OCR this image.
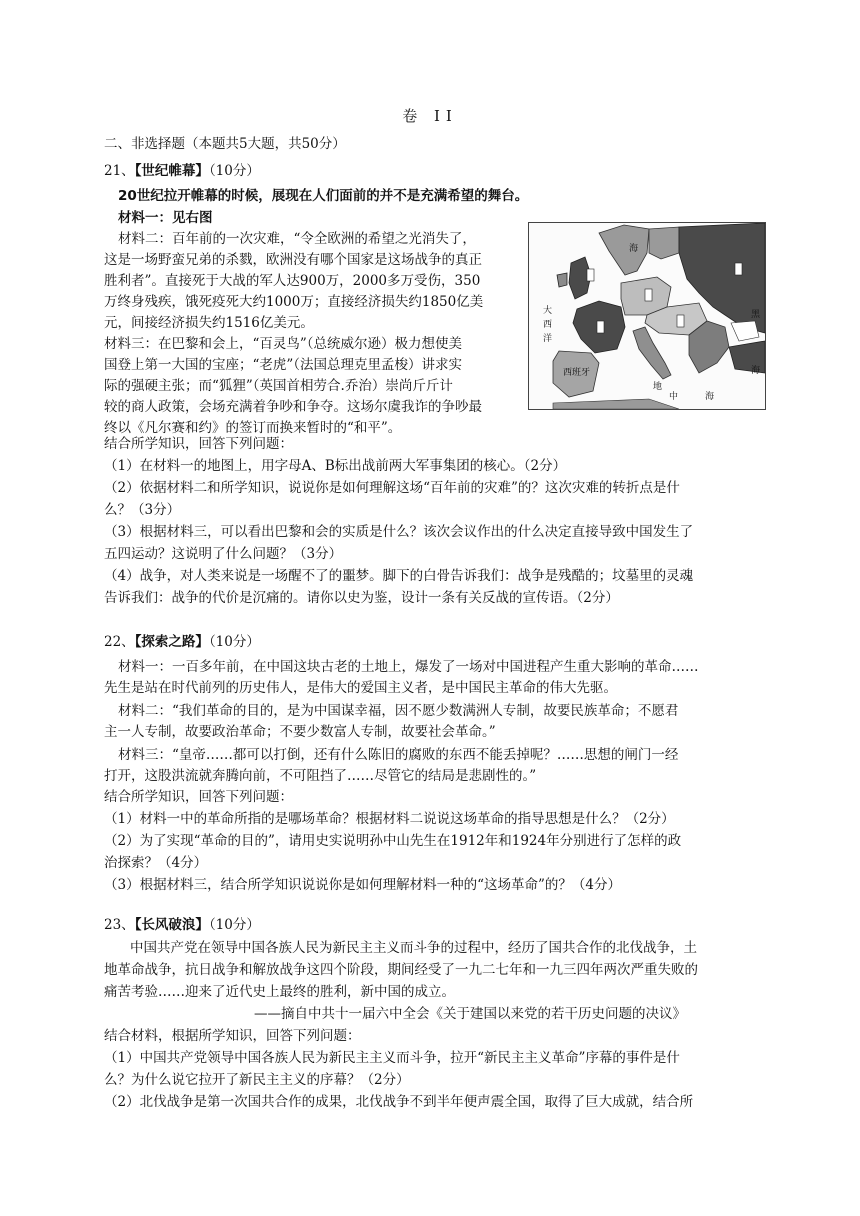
卷 II
二、非选择题（本题共5大题，共50分）
21、【世纪帷幕】（10分）
20世纪拉开帷幕的时候，展现在人们面前的并不是充满希望的舞台。
材料一：见右图
材料二：百年前的一次灾难，“令全欧洲的希望之光消失了，
这是一场野蛮兄弟的杀戮，欧洲没有哪个国家是这场战争的真正
胜利者”。直接死于大战的军人达900万，2000多万受伤，350
万终身残疾，饿死疫死大约1000万；直接经济损失约1850亿美
元，间接经济损失约1516亿美元。
材料三：在巴黎和会上，“百灵鸟”（总统威尔逊）极力想使美
国登上第一大国的宝座；“老虎”（法国总理克里孟梭）讲求实
际的强硬主张；而“狐狸”（英国首相劳合.乔治）崇尚斤斤计
较的商人政策，会场充满着争吵和争夺。这场尔虞我诈的争吵最
终以《凡尔赛和约》的签订而换来暂时的“和平”。
大
西
洋
海
黑
海
西班牙
地
中	海
结合所学知识，回答下列问题：
（1）在材料一的地图上，用字母A、B标出战前两大军事集团的核心。（2分）
（2）依据材料二和所学知识，说说你是如何理解这场“百年前的灾难”的？这次灾难的转折点是什
么？（3分）
（3）根据材料三，可以看出巴黎和会的实质是什么？该次会议作出的什么决定直接导致中国发生了
五四运动？这说明了什么问题？（3分）
（4）战争，对人类来说是一场醒不了的噩梦。脚下的白骨告诉我们：战争是残酷的；坟墓里的灵魂
告诉我们：战争的代价是沉痛的。请你以史为鉴，设计一条有关反战的宣传语。（2分）
22、【探索之路】（10分）
材料一：一百多年前，在中国这块古老的土地上，爆发了一场对中国进程产生重大影响的革命……
先生是站在时代前列的历史伟人，是伟大的爱国主义者，是中国民主革命的伟大先驱。
材料二：“我们革命的目的，是为中国谋幸福，因不愿少数满洲人专制，故要民族革命；不愿君
主一人专制，故要政治革命；不要少数富人专制，故要社会革命。”
材料三：“皇帝……都可以打倒，还有什么陈旧的腐败的东西不能丢掉呢？……思想的闸门一经
打开，这股洪流就奔腾向前，不可阻挡了……尽管它的结局是悲剧性的。”
结合所学知识，回答下列问题：
（1）材料一中的革命所指的是哪场革命？根据材料二说说这场革命的指导思想是什么？（2分）
（2）为了实现“革命的目的”，请用史实说明孙中山先生在1912年和1924年分别进行了怎样的政
治探索？（4分）
（3）根据材料三，结合所学知识说说你是如何理解材料一种的“这场革命”的？（4分）
23、【长风破浪】（10分）
中国共产党在领导中国各族人民为新民主主义而斗争的过程中，经历了国共合作的北伐战争，土
地革命战争，抗日战争和解放战争这四个阶段，期间经受了一九二七年和一九三四年两次严重失败的
痛苦考验……迎来了近代史上最终的胜利，新中国的成立。
——摘自中共十一届六中全会《关于建国以来党的若干历史问题的决议》
结合材料，根据所学知识，回答下列问题：
（1）中国共产党领导中国各族人民为新民主主义而斗争，拉开“新民主主义革命”序幕的事件是什
么？为什么说它拉开了新民主主义的序幕？（2分）
（2）北伐战争是第一次国共合作的成果，北伐战争不到半年便声震全国，取得了巨大成就，结合所
